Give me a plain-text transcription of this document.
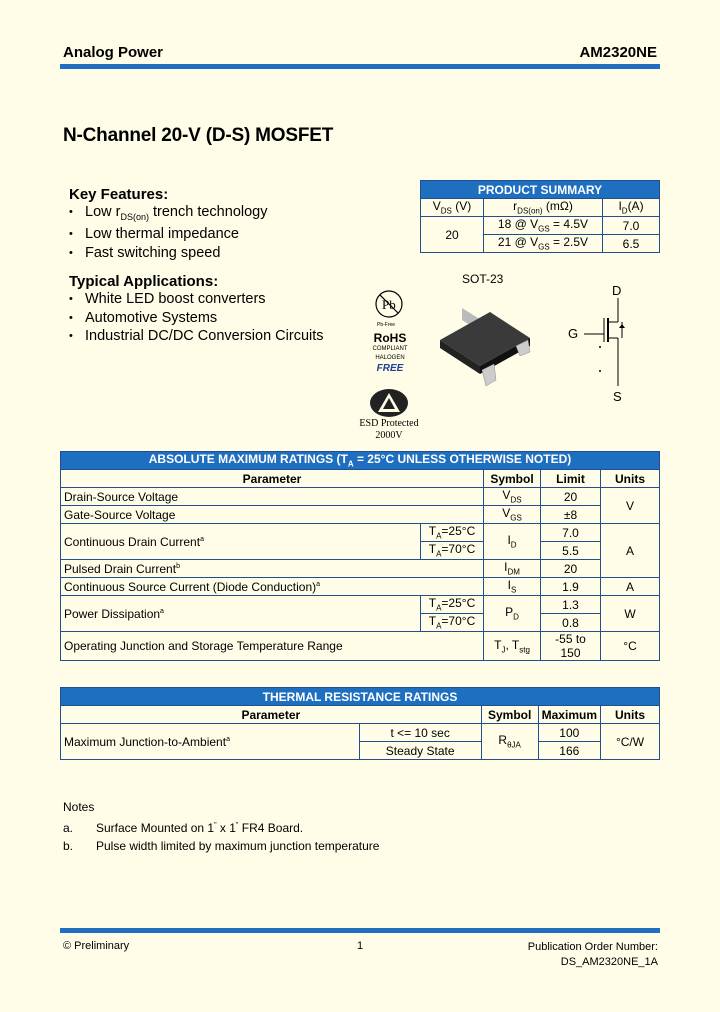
Analog Power	AM2320NE
N-Channel 20-V (D-S) MOSFET
Key Features:
• Low $r_{DS(on)}$ trench technology
• Low thermal impedance
• Fast switching speed
Typical Applications:
• White LED boost converters
• Automotive Systems
• Industrial DC/DC Conversion Circuits
PRODUCT SUMMARY		
$V_{DS}$ (V)	$r_{DS(on)}$ (mΩ)	$I_D(A)$
20	18 @ $V_{GS} = 4.5V$	7.0
	21 @ $V_{GS} = 2.5V$	6.5
SOT-23
Pb
Pb-Free
RoHS
COMPLIANT
HALOGEN
FREE
ESD Protected
2000V
D
G
S
ABSOLUTE MAXIMUM RATINGS ($T_A = 25^\circ C$ UNLESS OTHERWISE NOTED)				
Parameter		Symbol	Limit	Units
Drain-Source Voltage		$V_{DS}$	20	V
Gate-Source Voltage		$V_{GS}$	±8	
Continuous Drain Current$^a$	$T_A=25^\circ C$	$I_D$	7.0	A
	$T_A=70^\circ C$		5.5	
Pulsed Drain Current$^b$		$I_{DM}$	20	
Continuous Source Current (Diode Conduction)$^a$		$I_S$	1.9	A
Power Dissipation$^a$	$T_A=25^\circ C$	$P_D$	1.3	W
	$T_A=70^\circ C$		0.8	
Operating Junction and Storage Temperature Range		$T_J$, $T_{stg}$	-55 to 150	°C
THERMAL RESISTANCE RATINGS				
Parameter		Symbol	Maximum	Units
Maximum Junction-to-Ambient$^a$	t <= 10 sec	$R_{\theta JA}$	100	°C/W
	Steady State		166	
Notes
a. Surface Mounted on 1" x 1" FR4 Board.
b. Pulse width limited by maximum junction temperature
© Preliminary	1	Publication Order Number:
DS_AM2320NE_1A
